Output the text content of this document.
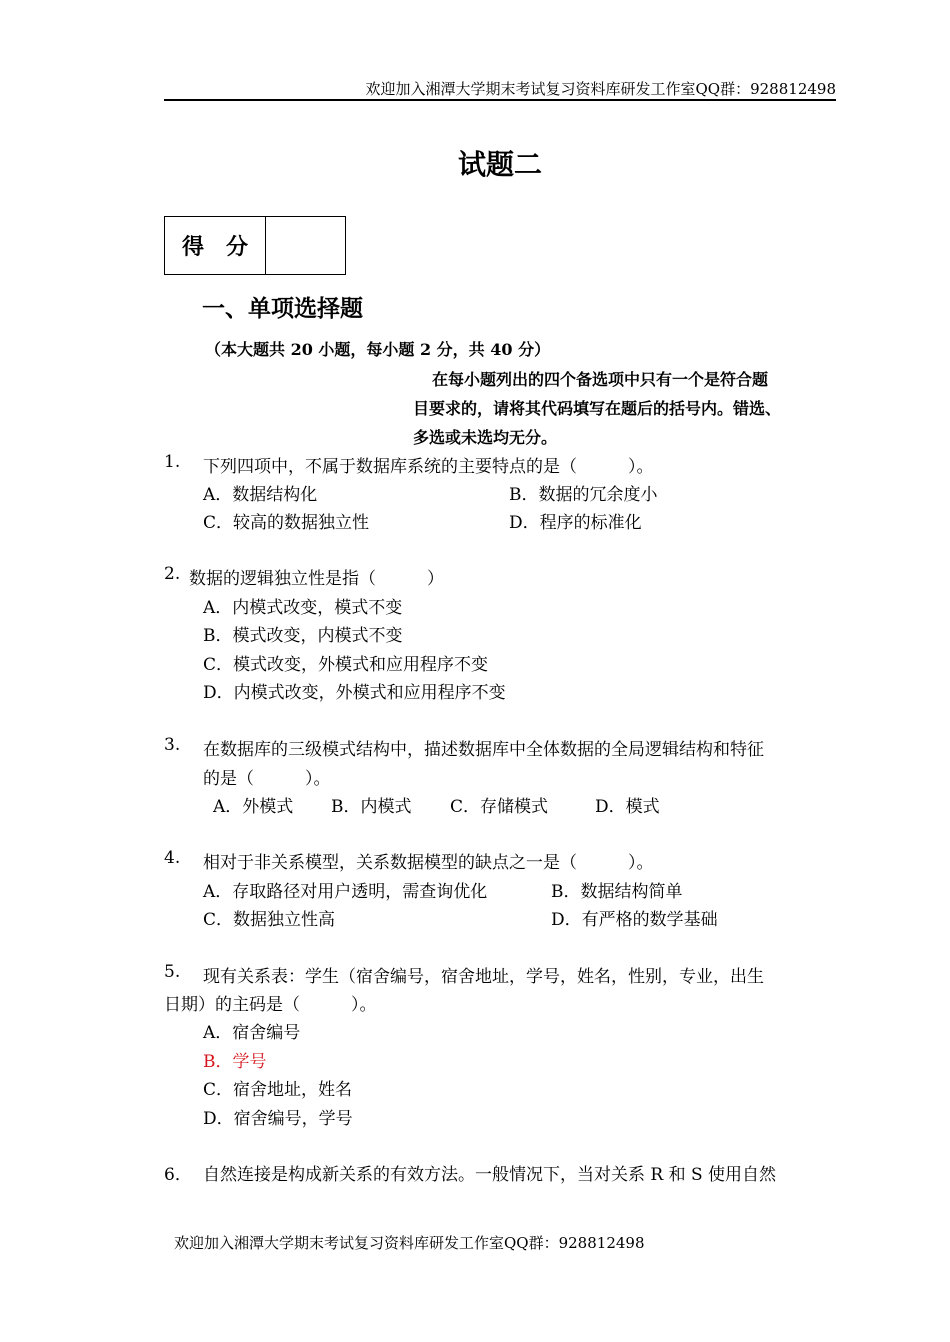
欢迎加入湘潭大学期末考试复习资料库研发工作室QQ群：928812498
试题二
得　分
一、单项选择题
（本大题共 20 小题，每小题 2 分，共 40 分）
在每小题列出的四个备选项中只有一个是符合题
目要求的，请将其代码填写在题后的括号内。错选、
多选或未选均无分。
1. 下列四项中，不属于数据库系统的主要特点的是（　　　）。
A．数据结构化	B．数据的冗余度小
C．较高的数据独立性	D．程序的标准化
2. 数据的逻辑独立性是指（　　　）
A．内模式改变，模式不变
B．模式改变，内模式不变
C．模式改变，外模式和应用程序不变
D．内模式改变，外模式和应用程序不变
3. 在数据库的三级模式结构中，描述数据库中全体数据的全局逻辑结构和特征
的是（　　　）。
A．外模式 B．内模式 C．存储模式	D．模式
4. 相对于非关系模型，关系数据模型的缺点之一是（　　　）。
A．存取路径对用户透明，需查询优化	B．数据结构简单
C．数据独立性高	D．有严格的数学基础
5. 现有关系表：学生（宿舍编号，宿舍地址，学号，姓名，性别，专业，出生
日期）的主码是（　　　）。
A．宿舍编号
B．学号
C．宿舍地址，姓名
D．宿舍编号，学号
6． 自然连接是构成新关系的有效方法。一般情况下，当对关系 R 和 S 使用自然
欢迎加入湘潭大学期末考试复习资料库研发工作室QQ群：928812498
